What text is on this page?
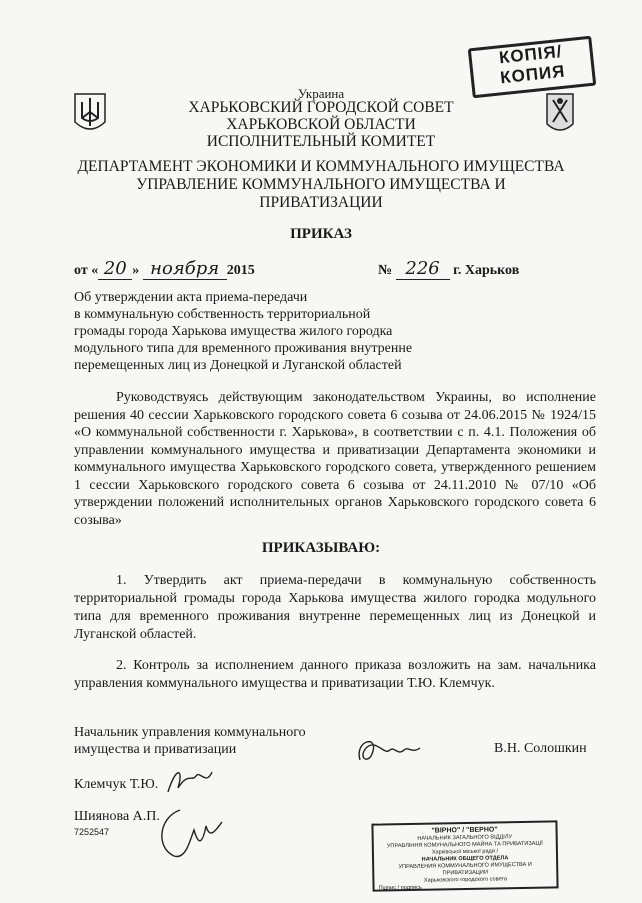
КОПІЯ/
КОПИЯ
Украина
ХАРЬКОВСКИЙ ГОРОДСКОЙ СОВЕТ
ХАРЬКОВСКОЙ ОБЛАСТИ
ИСПОЛНИТЕЛЬНЫЙ КОМИТЕТ
ДЕПАРТАМЕНТ ЭКОНОМИКИ И КОММУНАЛЬНОГО ИМУЩЕСТВА
УПРАВЛЕНИЕ КОММУНАЛЬНОГО ИМУЩЕСТВА И
ПРИВАТИЗАЦИИ
ПРИКАЗ
от « 20 » ноября 2015	№ 226 г. Харьков
Об утверждении акта приема-передачи
в коммунальную собственность территориальной
громады города Харькова имущества жилого городка
модульного типа для временного проживания внутренне
перемещенных лиц из Донецкой и Луганской областей
Руководствуясь действующим законодательством Украины, во исполнение решения 40 сессии Харьковского городского совета 6 созыва от 24.06.2015 № 1924/15 «О коммунальной собственности г. Харькова», в соответствии с п. 4.1. Положения об управлении коммунального имущества и приватизации Департамента экономики и коммунального имущества Харьковского городского совета, утвержденного решением 1 сессии Харьковского городского совета 6 созыва от 24.11.2010 № 07/10 «Об утверждении положений исполнительных органов Харьковского городского совета 6 созыва»
ПРИКАЗЫВАЮ:
1. Утвердить акт приема-передачи в коммунальную собственность территориальной громады города Харькова имущества жилого городка модульного типа для временного проживания внутренне перемещенных лиц из Донецкой и Луганской областей.
2. Контроль за исполнением данного приказа возложить на зам. начальника управления коммунального имущества и приватизации Т.Ю. Клемчук.
Начальник управления коммунального
имущества и приватизации	В.Н. Солошкин
Клемчук Т.Ю.
Шиянова А.П.
7252547	"ВІРНО" / "ВЕРНО"
НАЧАЛЬНИК ЗАГАЛЬНОГО ВІДДІЛУ
УПРАВЛІННЯ КОМУНАЛЬНОГО МАЙНА ТА ПРИВАТИЗАЦІЇ
Харківської міської ради /
НАЧАЛЬНИК ОБЩЕГО ОТДЕЛА
УПРАВЛЕНИЯ КОММУНАЛЬНОГО ИМУЩЕСТВА И ПРИВАТИЗАЦИИ
Харьковского городского совета
Підпис / подпись
